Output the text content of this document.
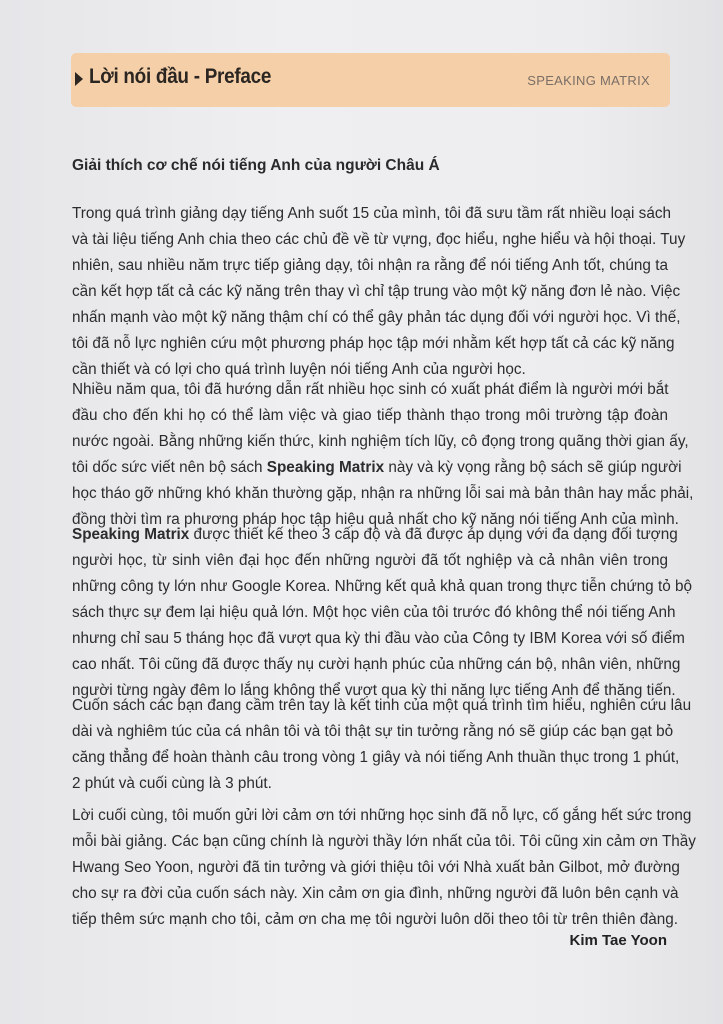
Lời nói đầu - Preface	SPEAKING MATRIX
Giải thích cơ chế nói tiếng Anh của người Châu Á
Trong quá trình giảng dạy tiếng Anh suốt 15 của mình, tôi đã sưu tầm rất nhiều loại sách
và tài liệu tiếng Anh chia theo các chủ đề về từ vựng, đọc hiểu, nghe hiểu và hội thoại. Tuy
nhiên, sau nhiều năm trực tiếp giảng dạy, tôi nhận ra rằng để nói tiếng Anh tốt, chúng ta
cần kết hợp tất cả các kỹ năng trên thay vì chỉ tập trung vào một kỹ năng đơn lẻ nào. Việc
nhấn mạnh vào một kỹ năng thậm chí có thể gây phản tác dụng đối với người học. Vì thế,
tôi đã nỗ lực nghiên cứu một phương pháp học tập mới nhằm kết hợp tất cả các kỹ năng
cần thiết và có lợi cho quá trình luyện nói tiếng Anh của người học.
Nhiều năm qua, tôi đã hướng dẫn rất nhiều học sinh có xuất phát điểm là người mới bắt
đầu cho đến khi họ có thể làm việc và giao tiếp thành thạo trong môi trường tập đoàn
nước ngoài. Bằng những kiến thức, kinh nghiệm tích lũy, cô đọng trong quãng thời gian ấy,
tôi dốc sức viết nên bộ sách Speaking Matrix này và kỳ vọng rằng bộ sách sẽ giúp người
học tháo gỡ những khó khăn thường gặp, nhận ra những lỗi sai mà bản thân hay mắc phải,
đồng thời tìm ra phương pháp học tập hiệu quả nhất cho kỹ năng nói tiếng Anh của mình.
Speaking Matrix được thiết kế theo 3 cấp độ và đã được áp dụng với đa dạng đối tượng
người học, từ sinh viên đại học đến những người đã tốt nghiệp và cả nhân viên trong
những công ty lớn như Google Korea. Những kết quả khả quan trong thực tiễn chứng tỏ bộ
sách thực sự đem lại hiệu quả lớn. Một học viên của tôi trước đó không thể nói tiếng Anh
nhưng chỉ sau 5 tháng học đã vượt qua kỳ thi đầu vào của Công ty IBM Korea với số điểm
cao nhất. Tôi cũng đã được thấy nụ cười hạnh phúc của những cán bộ, nhân viên, những
người từng ngày đêm lo lắng không thể vượt qua kỳ thi năng lực tiếng Anh để thăng tiến.
Cuốn sách các bạn đang cầm trên tay là kết tinh của một quá trình tìm hiểu, nghiên cứu lâu
dài và nghiêm túc của cá nhân tôi và tôi thật sự tin tưởng rằng nó sẽ giúp các bạn gạt bỏ
căng thẳng để hoàn thành câu trong vòng 1 giây và nói tiếng Anh thuần thục trong 1 phút,
2 phút và cuối cùng là 3 phút.
Lời cuối cùng, tôi muốn gửi lời cảm ơn tới những học sinh đã nỗ lực, cố gắng hết sức trong
mỗi bài giảng. Các bạn cũng chính là người thầy lớn nhất của tôi. Tôi cũng xin cảm ơn Thầy
Hwang Seo Yoon, người đã tin tưởng và giới thiệu tôi với Nhà xuất bản Gilbot, mở đường
cho sự ra đời của cuốn sách này. Xin cảm ơn gia đình, những người đã luôn bên cạnh và
tiếp thêm sức mạnh cho tôi, cảm ơn cha mẹ tôi người luôn dõi theo tôi từ trên thiên đàng.
Kim Tae Yoon
